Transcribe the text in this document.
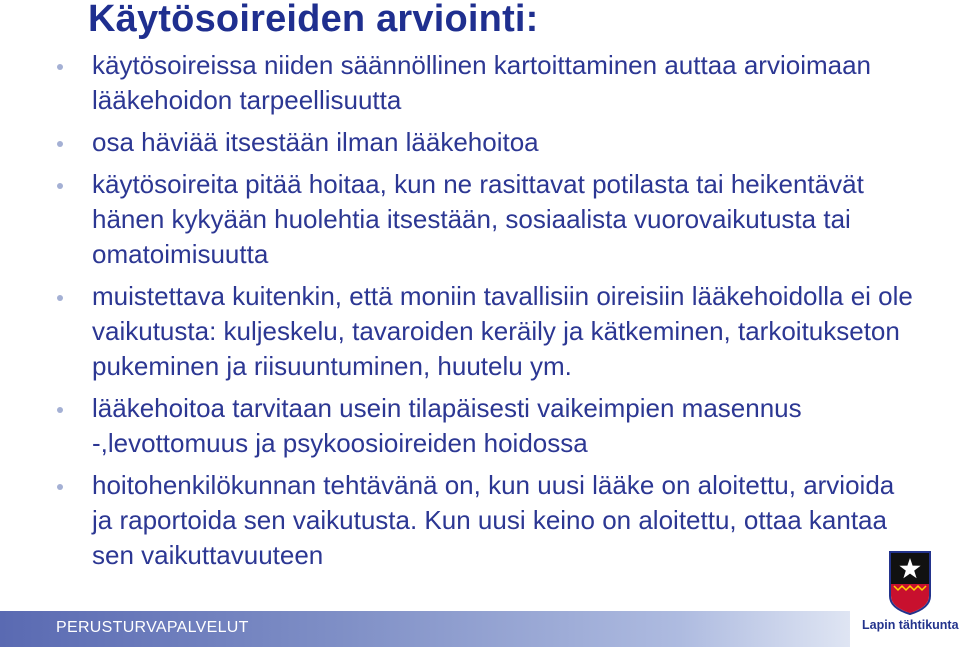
Käytösoireiden arviointi:
käytösoireissa niiden säännöllinen kartoittaminen auttaa arvioimaan lääkehoidon tarpeellisuutta
osa häviää itsestään ilman lääkehoitoa
käytösoireita pitää hoitaa, kun ne rasittavat potilasta tai heikentävät hänen kykyään huolehtia itsestään, sosiaalista vuorovaikutusta tai omatoimisuutta
muistettava kuitenkin, että moniin tavallisiin oireisiin lääkehoidolla ei ole vaikutusta: kuljeskelu, tavaroiden keräily ja kätkeminen, tarkoitukseton pukeminen ja riisuuntuminen, huutelu ym.
lääkehoitoa tarvitaan usein tilapäisesti vaikeimpien masennus -,levottomuus ja psykoosioireiden hoidossa
hoitohenkilökunnan tehtävänä on, kun uusi lääke on aloitettu, arvioida ja raportoida sen vaikutusta. Kun uusi keino on aloitettu, ottaa kantaa sen vaikuttavuuteen
PERUSTURVAPALVELUT	Lapin tähtikunta
